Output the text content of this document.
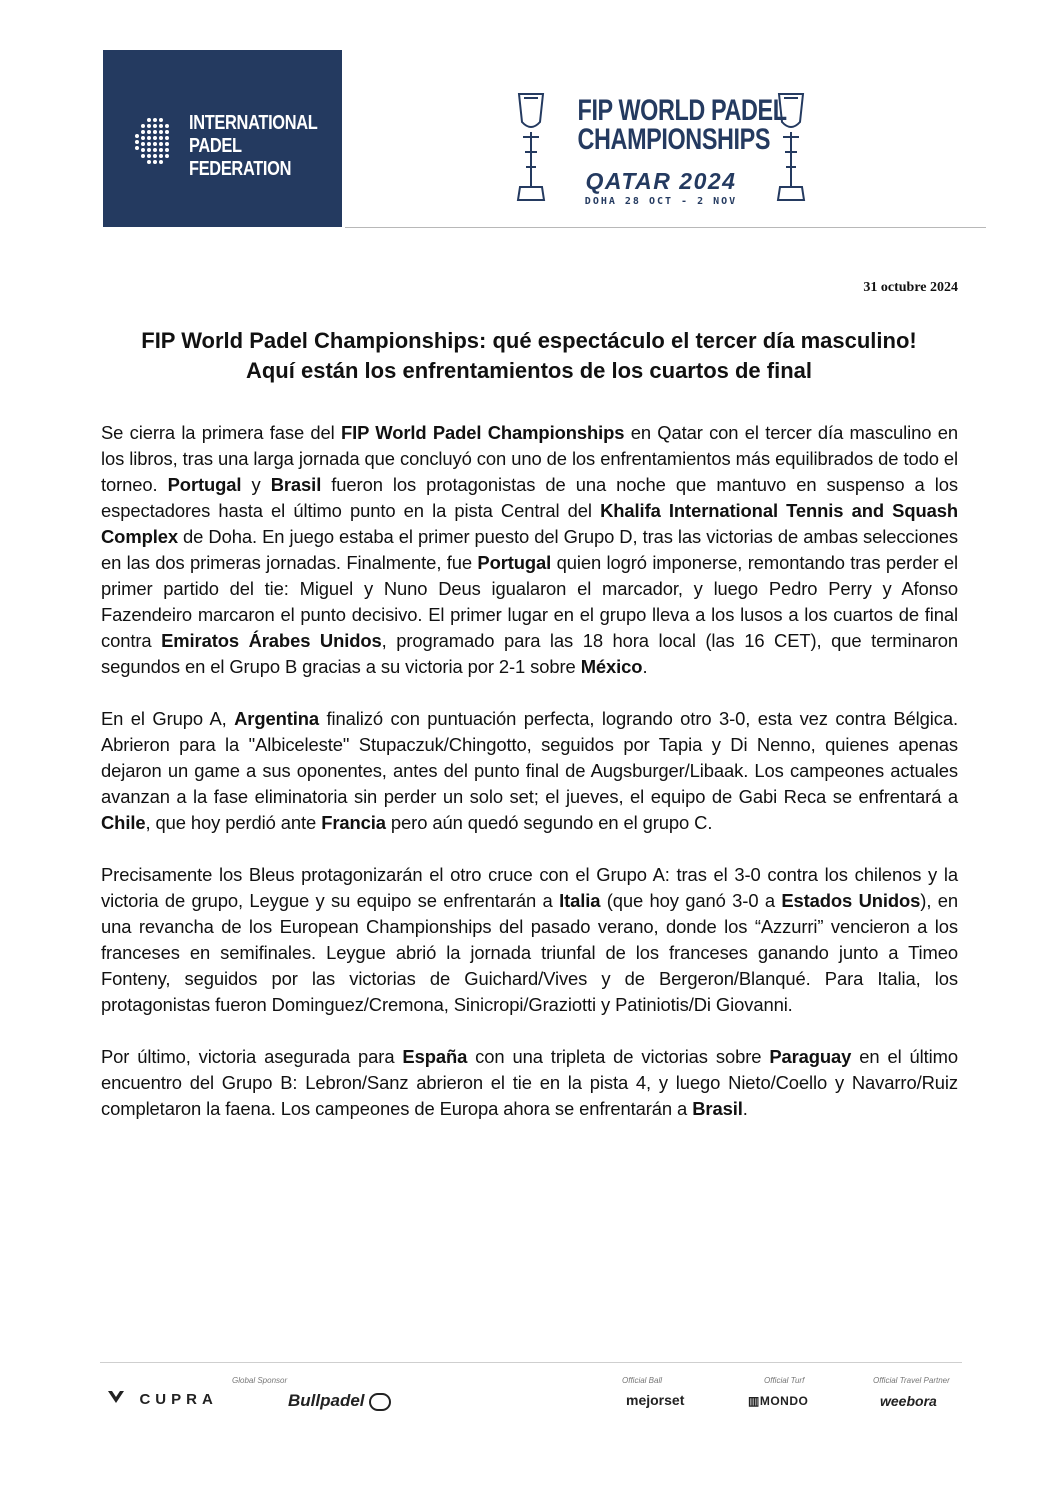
INTERNATIONAL
PADEL
FEDERATION
FIP WORLD PADEL
CHAMPIONSHIPS
QATAR 2024
DOHA 28 OCT - 2 NOV
31 octubre 2024
FIP World Padel Championships: qué espectáculo el tercer día masculino!
Aquí están los enfrentamientos de los cuartos de final

Se cierra la primera fase del FIP World Padel Championships en Qatar con el tercer día masculino en los libros, tras una larga jornada que concluyó con uno de los enfrentamientos más equilibrados de todo el torneo. Portugal y Brasil fueron los protagonistas de una noche que mantuvo en suspenso a los espectadores hasta el último punto en la pista Central del Khalifa International Tennis and Squash Complex de Doha. En juego estaba el primer puesto del Grupo D, tras las victorias de ambas selecciones en las dos primeras jornadas. Finalmente, fue Portugal quien logró imponerse, remontando tras perder el primer partido del tie: Miguel y Nuno Deus igualaron el marcador, y luego Pedro Perry y Afonso Fazendeiro marcaron el punto decisivo. El primer lugar en el grupo lleva a los lusos a los cuartos de final contra Emiratos Árabes Unidos, programado para las 18 hora local (las 16 CET), que terminaron segundos en el Grupo B gracias a su victoria por 2-1 sobre México.

En el Grupo A, Argentina finalizó con puntuación perfecta, logrando otro 3-0, esta vez contra Bélgica. Abrieron para la "Albiceleste" Stupaczuk/Chingotto, seguidos por Tapia y Di Nenno, quienes apenas dejaron un game a sus oponentes, antes del punto final de Augsburger/Libaak. Los campeones actuales avanzan a la fase eliminatoria sin perder un solo set; el jueves, el equipo de Gabi Reca se enfrentará a Chile, que hoy perdió ante Francia pero aún quedó segundo en el grupo C.

Precisamente los Bleus protagonizarán el otro cruce con el Grupo A: tras el 3-0 contra los chilenos y la victoria de grupo, Leygue y su equipo se enfrentarán a Italia (que hoy ganó 3-0 a Estados Unidos), en una revancha de los European Championships del pasado verano, donde los “Azzurri” vencieron a los franceses en semifinales. Leygue abrió la jornada triunfal de los franceses ganando junto a Timeo Fonteny, seguidos por las victorias de Guichard/Vives y de Bergeron/Blanqué. Para Italia, los protagonistas fueron Dominguez/Cremona, Sinicropi/Graziotti y Patiniotis/Di Giovanni.

Por último, victoria asegurada para España con una tripleta de victorias sobre Paraguay en el último encuentro del Grupo B: Lebron/Sanz abrieron el tie en la pista 4, y luego Nieto/Coello y Navarro/Ruiz completaron la faena. Los campeones de Europa ahora se enfrentarán a Brasil.

Global Sponsor	Official Ball	Official Turf	Official Travel Partner
CUPRA	Bullpadel	mejorset	▥MONDO	weebora
